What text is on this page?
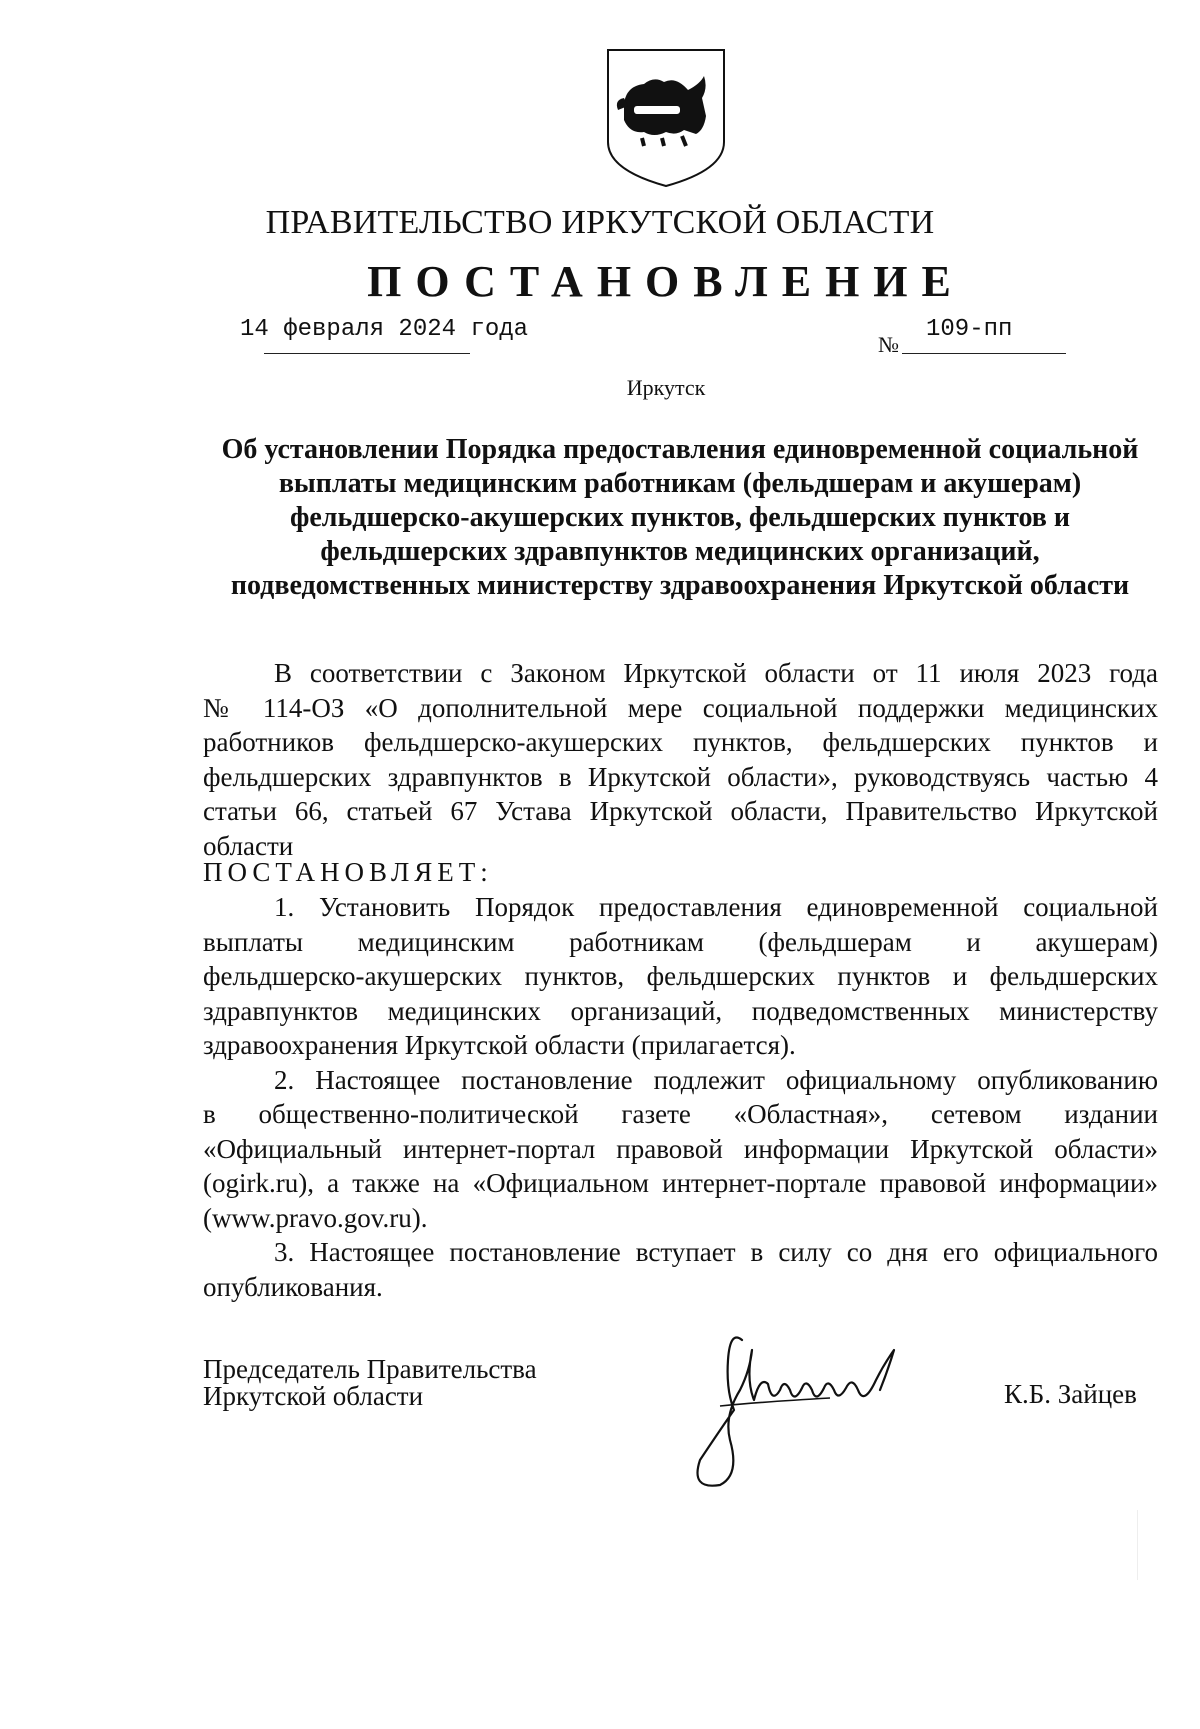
ПРАВИТЕЛЬСТВО ИРКУТСКОЙ ОБЛАСТИ
ПОСТАНОВЛЕНИЕ
14 февраля 2024 года
№
109-пп
Иркутск
Об установлении Порядка предоставления единовременной социальной
выплаты медицинским работникам (фельдшерам и акушерам)
фельдшерско-акушерских пунктов, фельдшерских пунктов и
фельдшерских здравпунктов медицинских организаций,
подведомственных министерству здравоохранения Иркутской области
В соответствии с Законом Иркутской области от 11 июля 2023 года
№ 114-ОЗ «О дополнительной мере социальной поддержки медицинских
работников фельдшерско-акушерских пунктов, фельдшерских пунктов и
фельдшерских здравпунктов в Иркутской области», руководствуясь частью 4
статьи 66, статьей 67 Устава Иркутской области, Правительство Иркутской
области
ПОСТАНОВЛЯЕТ:
1. Установить Порядок предоставления единовременной социальной
выплаты медицинским работникам (фельдшерам и акушерам)
фельдшерско-акушерских пунктов, фельдшерских пунктов и фельдшерских
здравпунктов медицинских организаций, подведомственных министерству
здравоохранения Иркутской области (прилагается).
2. Настоящее постановление подлежит официальному опубликованию
в общественно-политической газете «Областная», сетевом издании
«Официальный интернет-портал правовой информации Иркутской области»
(ogirk.ru), а также на «Официальном интернет-портале правовой информации»
(www.pravo.gov.ru).
3. Настоящее постановление вступает в силу со дня его официального
опубликования.
Председатель Правительства
Иркутской области	К.Б. Зайцев
